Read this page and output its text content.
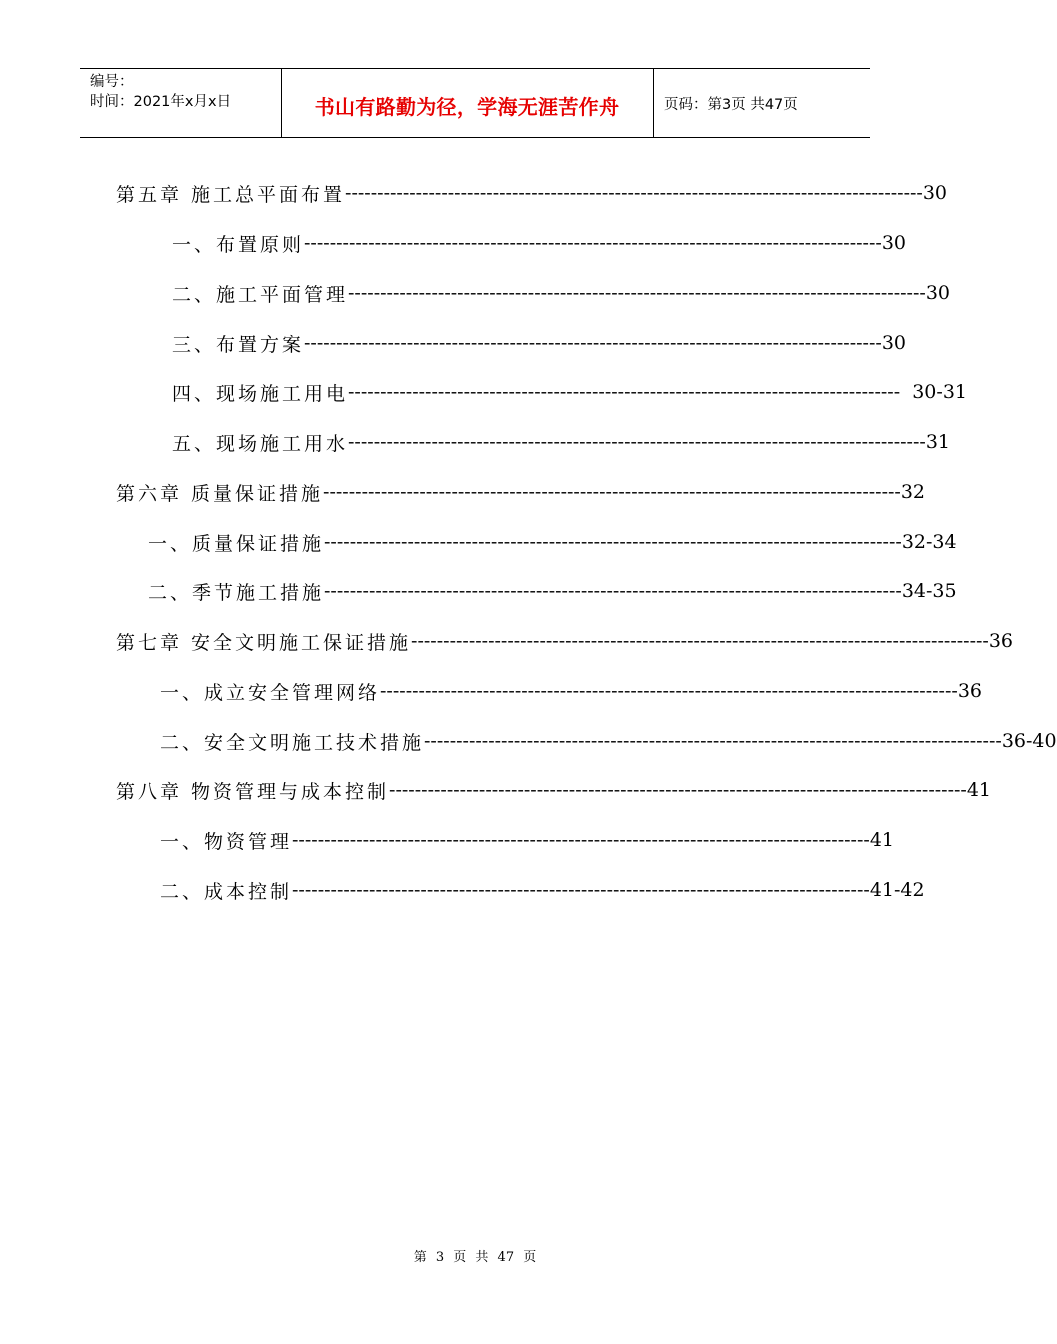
编号：
时间：2021年x月x日	书山有路勤为径，学海无涯苦作舟	页码：第3页 共47页
第五章 施工总平面布置 ------------------------------------------------------------------------------------------ 30
一、布置原则 ------------------------------------------------------------------------------------------ 30
二、施工平面管理 ------------------------------------------------------------------------------------------ 30
三、布置方案 ------------------------------------------------------------------------------------------ 30
四、现场施工用电 -------------------------------------------------------------------------------------- 30-31
五、现场施工用水 ------------------------------------------------------------------------------------------ 31
第六章 质量保证措施 ------------------------------------------------------------------------------------------ 32
一、质量保证措施 ------------------------------------------------------------------------------------------ 32-34
二、季节施工措施 ------------------------------------------------------------------------------------------ 34-35
第七章 安全文明施工保证措施 ------------------------------------------------------------------------------------------ 36
一、成立安全管理网络 ------------------------------------------------------------------------------------------ 36
二、安全文明施工技术措施 ------------------------------------------------------------------------------------------ 36-40
第八章 物资管理与成本控制 ------------------------------------------------------------------------------------------ 41
一、物资管理 ------------------------------------------------------------------------------------------ 41
二、成本控制 ------------------------------------------------------------------------------------------ 41-42
第 3 页 共 47 页
